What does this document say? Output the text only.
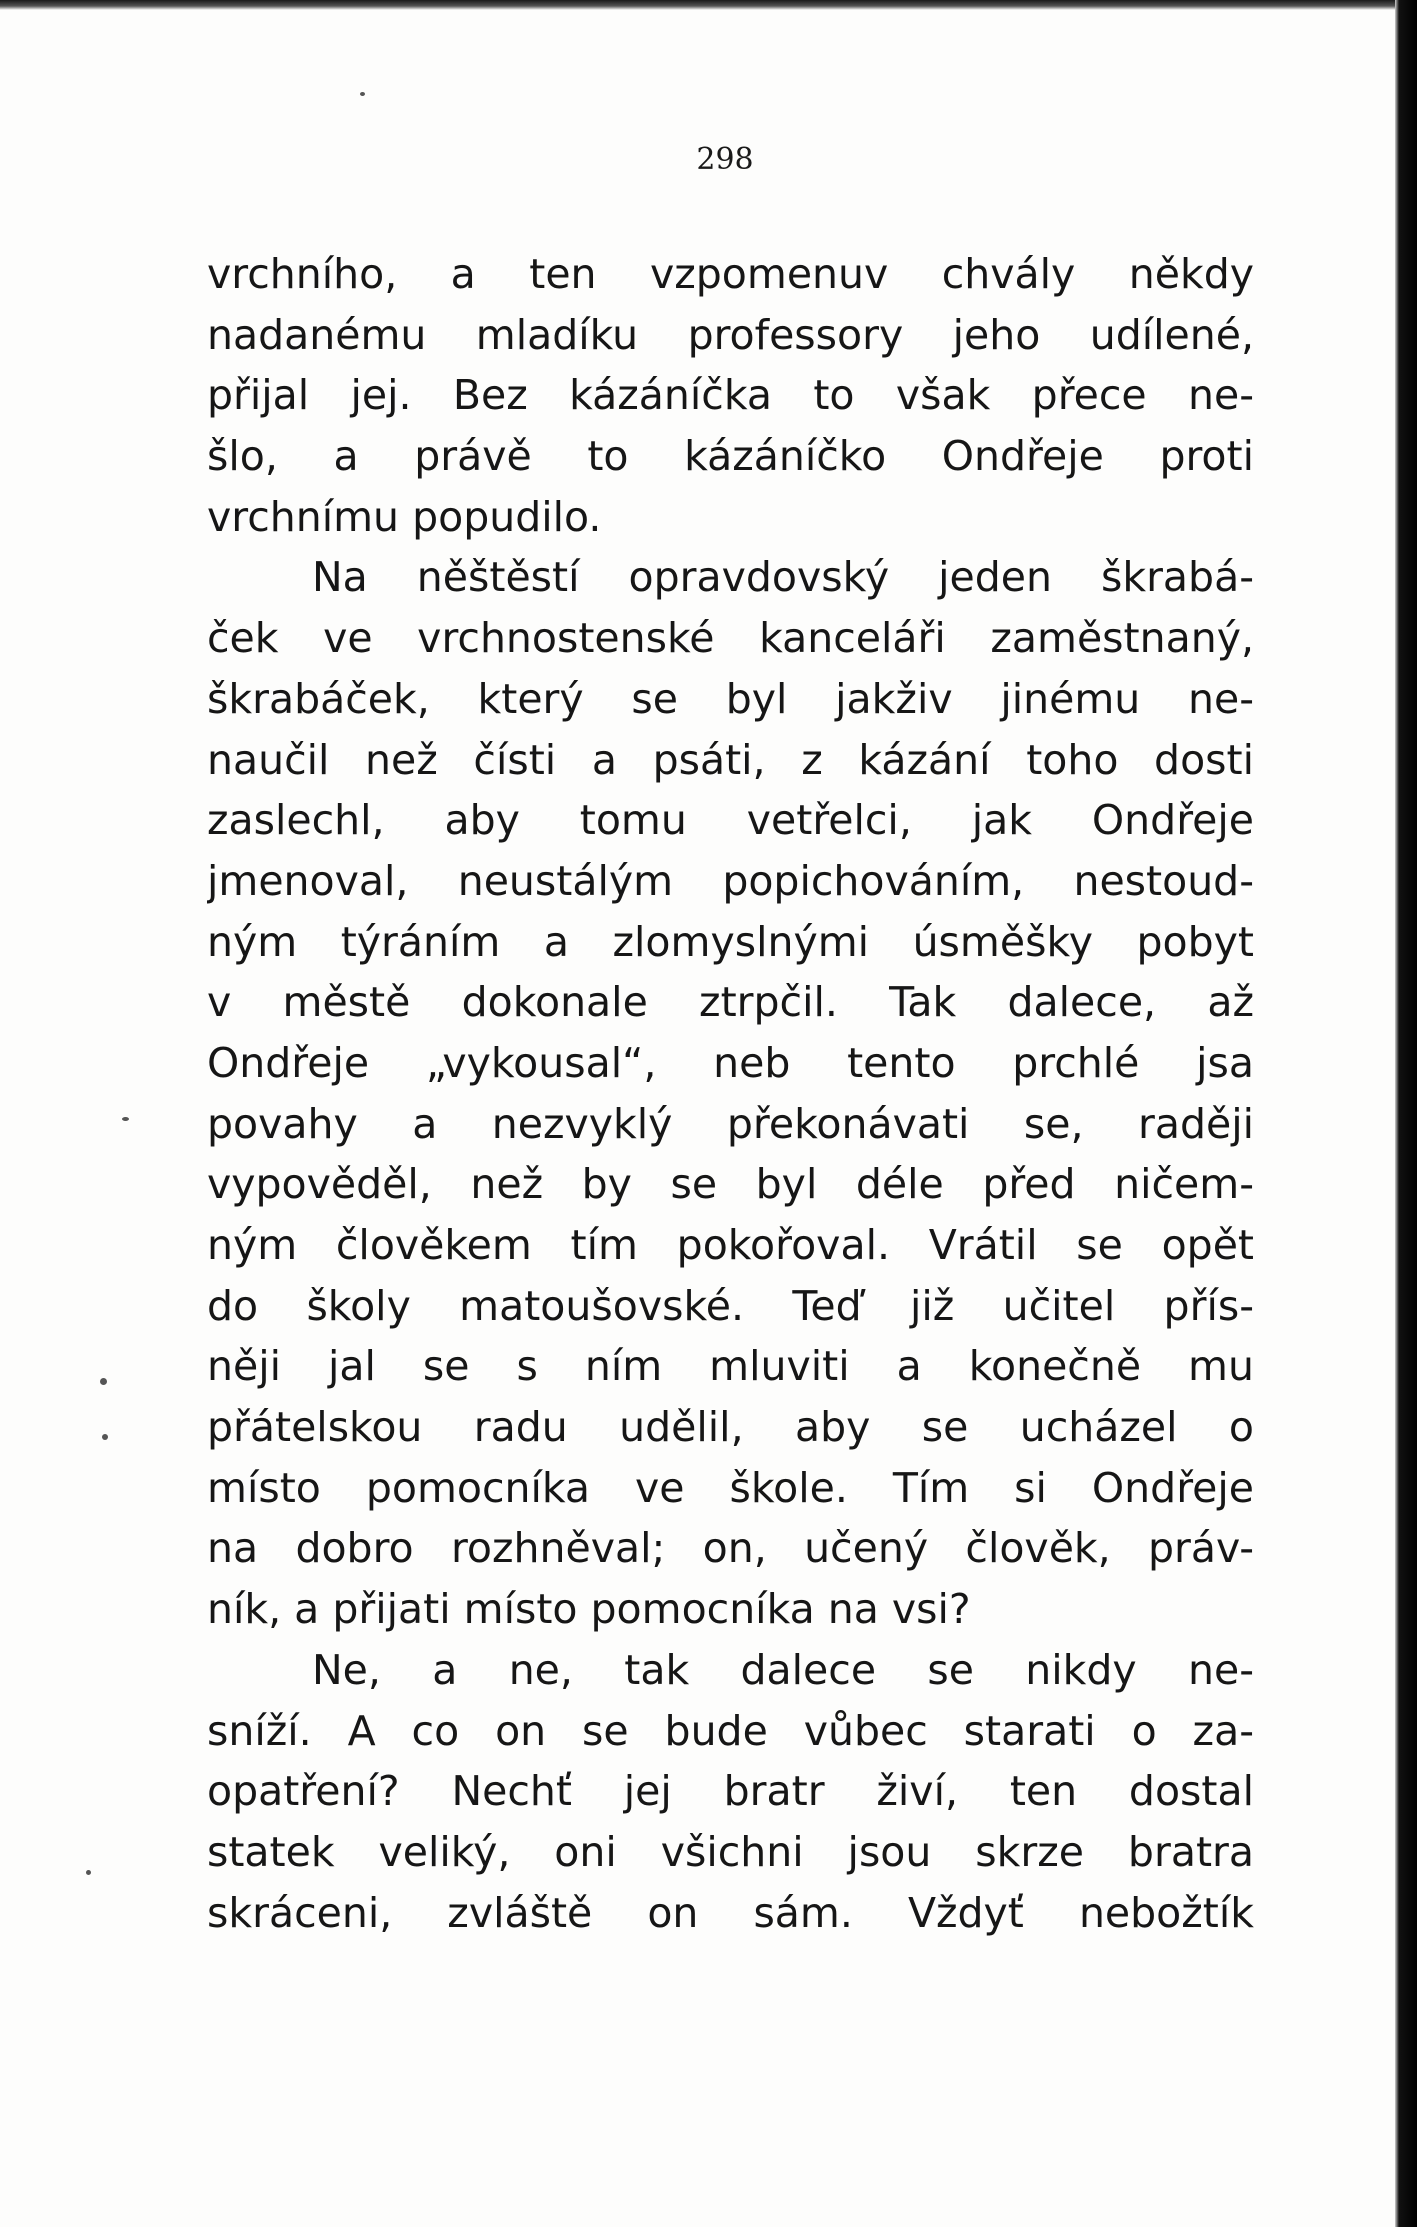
298
vrchního, a ten vzpomenuv chvály někdy
nadanému mladíku professory jeho udílené,
přijal jej. Bez kázáníčka to však přece ne-
šlo, a právě to kázáníčko Ondřeje proti
vrchnímu popudilo.
Na něštěstí opravdovský jeden škrabá-
ček ve vrchnostenské kanceláři zaměstnaný,
škrabáček, který se byl jakživ jinému ne-
naučil než čísti a psáti, z kázání toho dosti
zaslechl, aby tomu vetřelci, jak Ondřeje
jmenoval, neustálým popichováním, nestoud-
ným týráním a zlomyslnými úsměšky pobyt
v městě dokonale ztrpčil. Tak dalece, až
Ondřeje „vykousal“, neb tento prchlé jsa
povahy a nezvyklý překonávati se, raději
vypověděl, než by se byl déle před ničem-
ným člověkem tím pokořoval. Vrátil se opět
do školy matoušovské. Teď již učitel přís-
něji jal se s ním mluviti a konečně mu
přátelskou radu udělil, aby se ucházel o
místo pomocníka ve škole. Tím si Ondřeje
na dobro rozhněval; on, učený člověk, práv-
ník, a přijati místo pomocníka na vsi?
Ne, a ne, tak dalece se nikdy ne-
sníží. A co on se bude vůbec starati o za-
opatření? Nechť jej bratr živí, ten dostal
statek veliký, oni všichni jsou skrze bratra
skráceni, zvláště on sám. Vždyť nebožtík
